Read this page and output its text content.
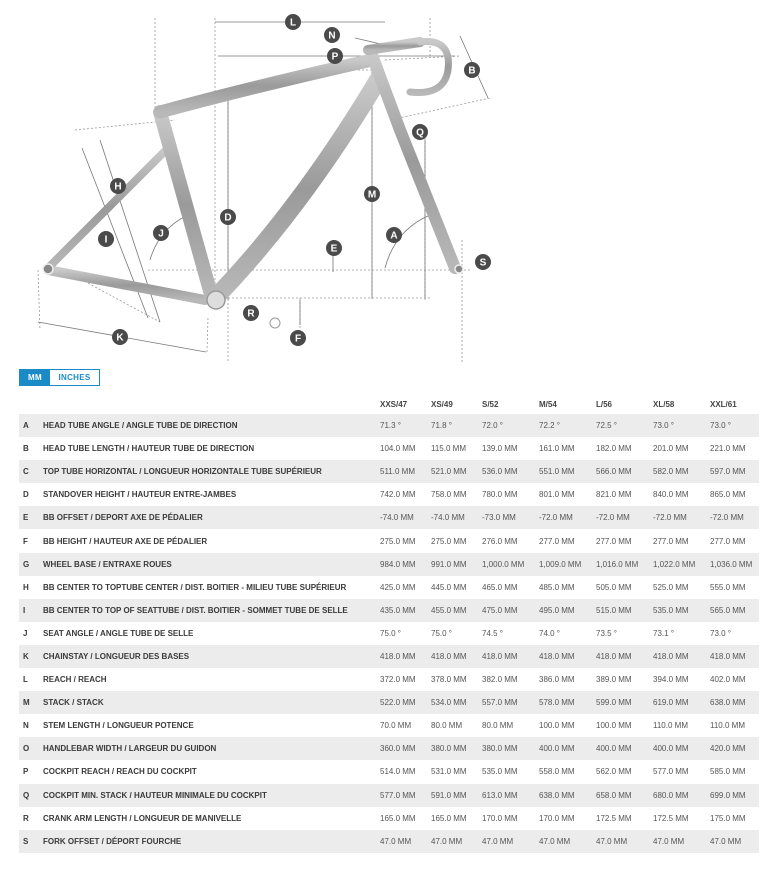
L
N
P
B
H
Q
M
D
J
I
E
A
S
R
F
K
MM	INCHES
		XXS/47	XS/49	S/52	M/54	L/56	XL/58	XXL/61
A	HEAD TUBE ANGLE / ANGLE TUBE DE DIRECTION	71.3 °	71.8 °	72.0 °	72.2 °	72.5 °	73.0 °	73.0 °
B	HEAD TUBE LENGTH / HAUTEUR TUBE DE DIRECTION	104.0 MM	115.0 MM	139.0 MM	161.0 MM	182.0 MM	201.0 MM	221.0 MM
C	TOP TUBE HORIZONTAL / LONGUEUR HORIZONTALE TUBE SUPÉRIEUR	511.0 MM	521.0 MM	536.0 MM	551.0 MM	566.0 MM	582.0 MM	597.0 MM
D	STANDOVER HEIGHT / HAUTEUR ENTRE-JAMBES	742.0 MM	758.0 MM	780.0 MM	801.0 MM	821.0 MM	840.0 MM	865.0 MM
E	BB OFFSET / DEPORT AXE DE PÉDALIER	-74.0 MM	-74.0 MM	-73.0 MM	-72.0 MM	-72.0 MM	-72.0 MM	-72.0 MM
F	BB HEIGHT / HAUTEUR AXE DE PÉDALIER	275.0 MM	275.0 MM	276.0 MM	277.0 MM	277.0 MM	277.0 MM	277.0 MM
G	WHEEL BASE / ENTRAXE ROUES	984.0 MM	991.0 MM	1,000.0 MM	1,009.0 MM	1,016.0 MM	1,022.0 MM	1,036.0 MM
H	BB CENTER TO TOPTUBE CENTER / DIST. BOITIER - MILIEU TUBE SUPÉRIEUR	425.0 MM	445.0 MM	465.0 MM	485.0 MM	505.0 MM	525.0 MM	555.0 MM
I	BB CENTER TO TOP OF SEATTUBE / DIST. BOITIER - SOMMET TUBE DE SELLE	435.0 MM	455.0 MM	475.0 MM	495.0 MM	515.0 MM	535.0 MM	565.0 MM
J	SEAT ANGLE / ANGLE TUBE DE SELLE	75.0 °	75.0 °	74.5 °	74.0 °	73.5 °	73.1 °	73.0 °
K	CHAINSTAY / LONGUEUR DES BASES	418.0 MM	418.0 MM	418.0 MM	418.0 MM	418.0 MM	418.0 MM	418.0 MM
L	REACH / REACH	372.0 MM	378.0 MM	382.0 MM	386.0 MM	389.0 MM	394.0 MM	402.0 MM
M	STACK / STACK	522.0 MM	534.0 MM	557.0 MM	578.0 MM	599.0 MM	619.0 MM	638.0 MM
N	STEM LENGTH / LONGUEUR POTENCE	70.0 MM	80.0 MM	80.0 MM	100.0 MM	100.0 MM	110.0 MM	110.0 MM
O	HANDLEBAR WIDTH / LARGEUR DU GUIDON	360.0 MM	380.0 MM	380.0 MM	400.0 MM	400.0 MM	400.0 MM	420.0 MM
P	COCKPIT REACH / REACH DU COCKPIT	514.0 MM	531.0 MM	535.0 MM	558.0 MM	562.0 MM	577.0 MM	585.0 MM
Q	COCKPIT MIN. STACK / HAUTEUR MINIMALE DU COCKPIT	577.0 MM	591.0 MM	613.0 MM	638.0 MM	658.0 MM	680.0 MM	699.0 MM
R	CRANK ARM LENGTH / LONGUEUR DE MANIVELLE	165.0 MM	165.0 MM	170.0 MM	170.0 MM	172.5 MM	172.5 MM	175.0 MM
S	FORK OFFSET / DÉPORT FOURCHE	47.0 MM	47.0 MM	47.0 MM	47.0 MM	47.0 MM	47.0 MM	47.0 MM
